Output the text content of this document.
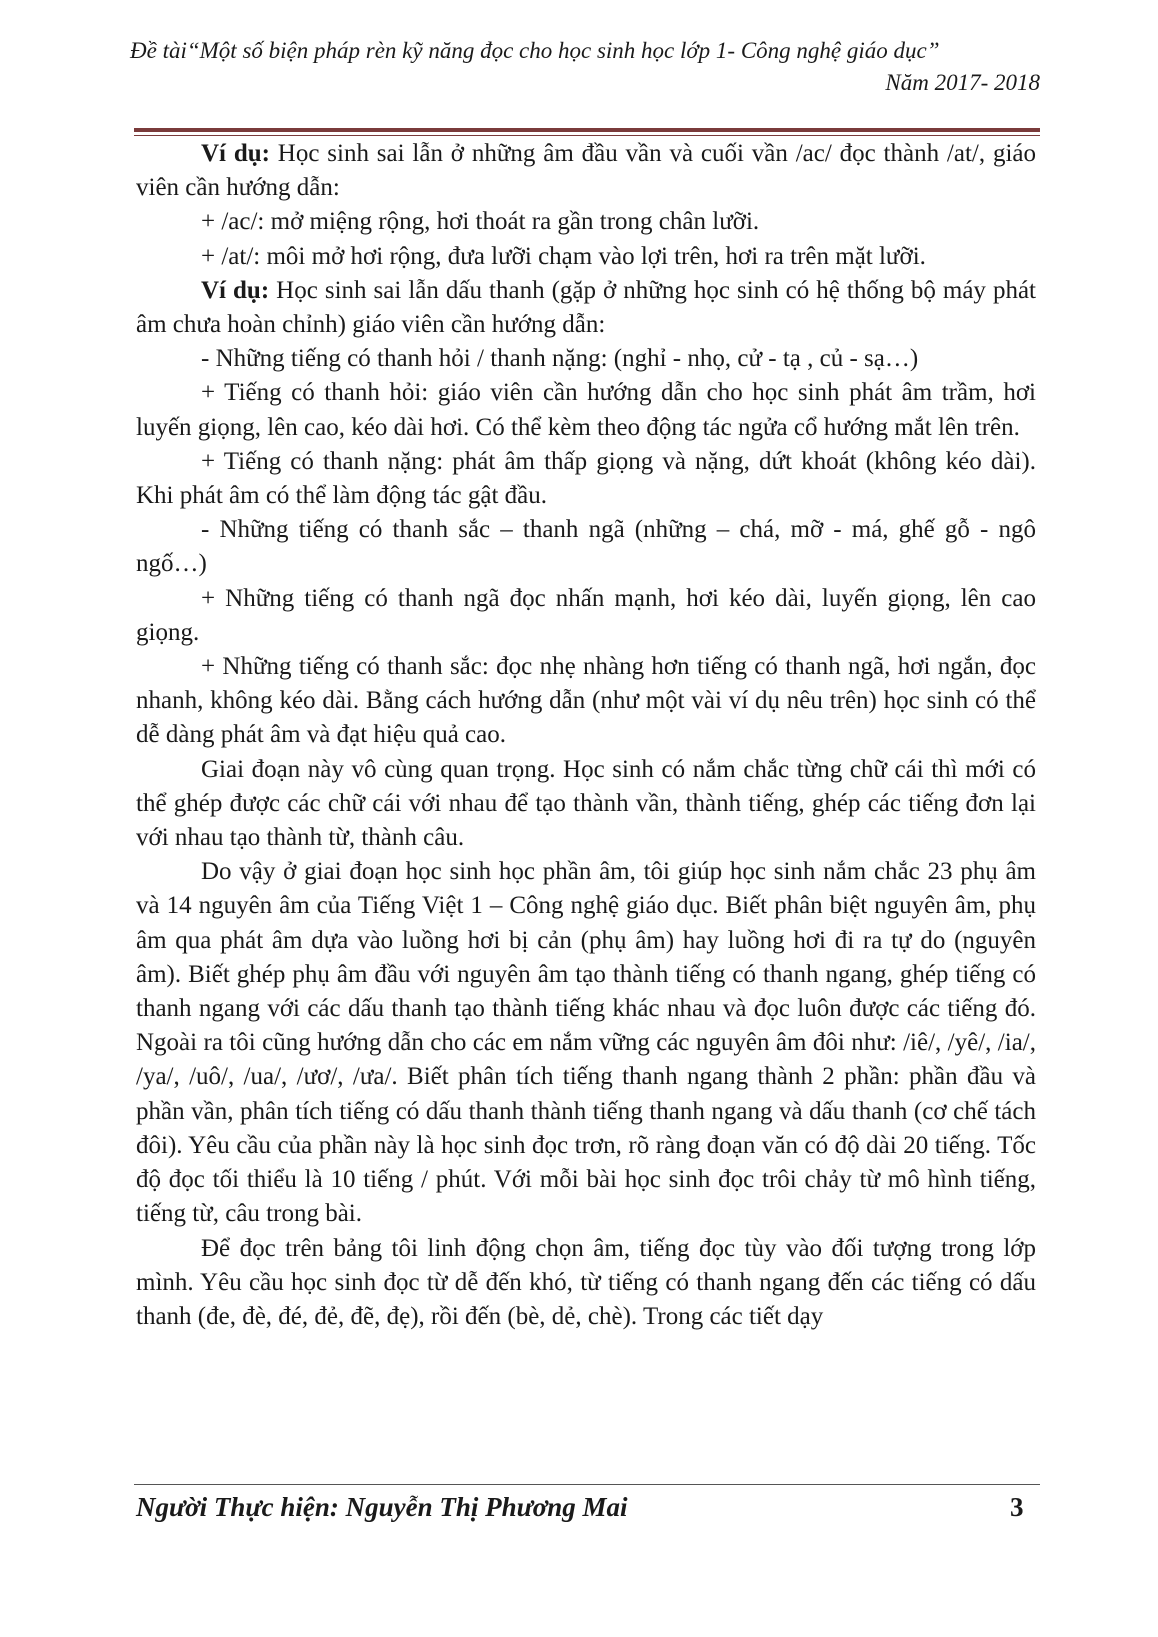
Đề tài“Một số biện pháp rèn kỹ năng đọc cho học sinh học lớp 1- Công nghệ giáo dục”
Năm 2017- 2018

Ví dụ: Học sinh sai lẫn ở những âm đầu vần và cuối vần /ac/ đọc thành /at/, giáo viên cần hướng dẫn:

+ /ac/: mở miệng rộng, hơi thoát ra gần trong chân lưỡi.

+ /at/: môi mở hơi rộng, đưa lưỡi chạm vào lợi trên, hơi ra trên mặt lưỡi.

Ví dụ: Học sinh sai lẫn dấu thanh (gặp ở những học sinh có hệ thống bộ máy phát âm chưa hoàn chỉnh) giáo viên cần hướng dẫn:

- Những tiếng có thanh hỏi / thanh nặng: (nghỉ - nhọ, cử - tạ , củ - sạ…)

+ Tiếng có thanh hỏi: giáo viên cần hướng dẫn cho học sinh phát âm trầm, hơi luyến giọng, lên cao, kéo dài hơi. Có thể kèm theo động tác ngửa cổ hướng mắt lên trên.

+ Tiếng có thanh nặng: phát âm thấp giọng và nặng, dứt khoát (không kéo dài). Khi phát âm có thể làm động tác gật đầu.

- Những tiếng có thanh sắc – thanh ngã (những – chá, mỡ - má, ghế gỗ - ngô ngố…)

+ Những tiếng có thanh ngã đọc nhấn mạnh, hơi kéo dài, luyến giọng, lên cao giọng.

+ Những tiếng có thanh sắc: đọc nhẹ nhàng hơn tiếng có thanh ngã, hơi ngắn, đọc nhanh, không kéo dài. Bằng cách hướng dẫn (như một vài ví dụ nêu trên) học sinh có thể dễ dàng phát âm và đạt hiệu quả cao.

Giai đoạn này vô cùng quan trọng. Học sinh có nắm chắc từng chữ cái thì mới có thể ghép được các chữ cái với nhau để tạo thành vần, thành tiếng, ghép các tiếng đơn lại với nhau tạo thành từ, thành câu.

Do vậy ở giai đoạn học sinh học phần âm, tôi giúp học sinh nắm chắc 23 phụ âm và 14 nguyên âm của Tiếng Việt 1 – Công nghệ giáo dục. Biết phân biệt nguyên âm, phụ âm qua phát âm dựa vào luồng hơi bị cản (phụ âm) hay luồng hơi đi ra tự do (nguyên âm). Biết ghép phụ âm đầu với nguyên âm tạo thành tiếng có thanh ngang, ghép tiếng có thanh ngang với các dấu thanh tạo thành tiếng khác nhau và đọc luôn được các tiếng đó. Ngoài ra tôi cũng hướng dẫn cho các em nắm vững các nguyên âm đôi như: /iê/, /yê/, /ia/, /ya/, /uô/, /ua/, /ươ/, /ưa/. Biết phân tích tiếng thanh ngang thành 2 phần: phần đầu và phần vần, phân tích tiếng có dấu thanh thành tiếng thanh ngang và dấu thanh (cơ chế tách đôi). Yêu cầu của phần này là học sinh đọc trơn, rõ ràng đoạn văn có độ dài 20 tiếng. Tốc độ đọc tối thiểu là 10 tiếng / phút. Với mỗi bài học sinh đọc trôi chảy từ mô hình tiếng, tiếng từ, câu trong bài.

Để đọc trên bảng tôi linh động chọn âm, tiếng đọc tùy vào đối tượng trong lớp mình. Yêu cầu học sinh đọc từ dễ đến khó, từ tiếng có thanh ngang đến các tiếng có dấu thanh (đe, đè, đé, đẻ, đẽ, đẹ), rồi đến (bè, dẻ, chè). Trong các tiết dạy

Người Thực hiện: Nguyễn Thị Phương Mai	3
